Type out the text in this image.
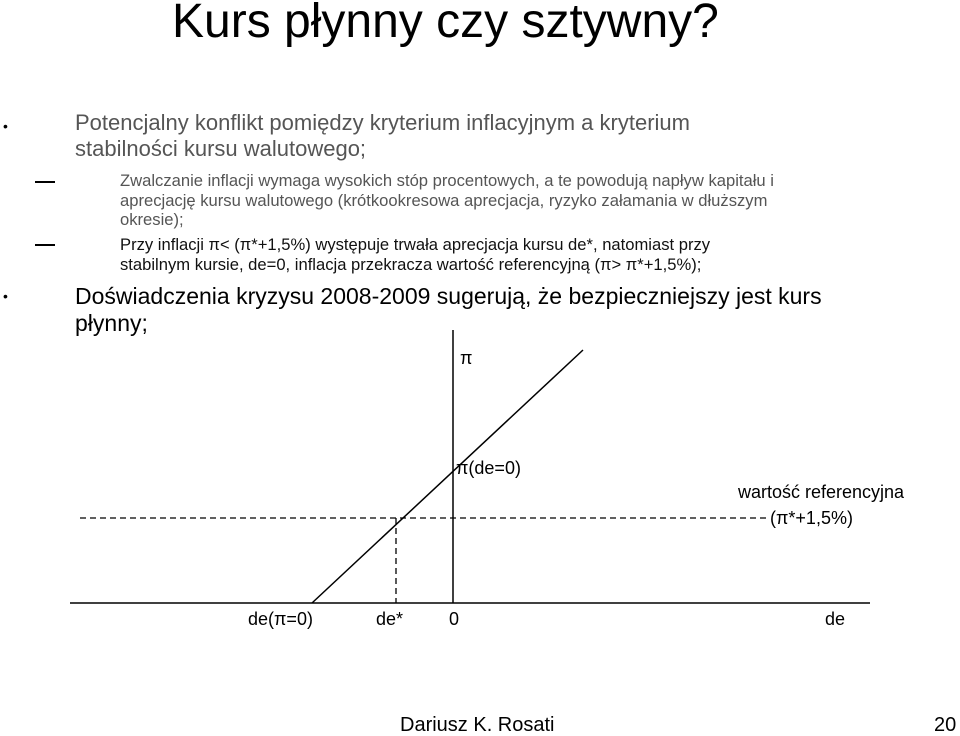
Kurs płynny czy sztywny?
•	Potencjalny konflikt pomiędzy kryterium inflacyjnym a kryterium
stabilności kursu walutowego;
Zwalczanie inflacji wymaga wysokich stóp procentowych, a te powodują napływ kapitału i
aprecjację kursu walutowego (krótkookresowa aprecjacja, ryzyko załamania w dłuższym
okresie);
Przy inflacji π< (π*+1,5%) występuje trwała aprecjacja kursu de*, natomiast przy
stabilnym kursie, de=0, inflacja przekracza wartość referencyjną (π> π*+1,5%);
•	Doświadczenia kryzysu 2008-2009 sugerują, że bezpieczniejszy jest kurs
płynny;
π
π(de=0)
wartość referencyjna
(π*+1,5%)
de(π=0)	de*	0	de
Dariusz K. Rosati	20
